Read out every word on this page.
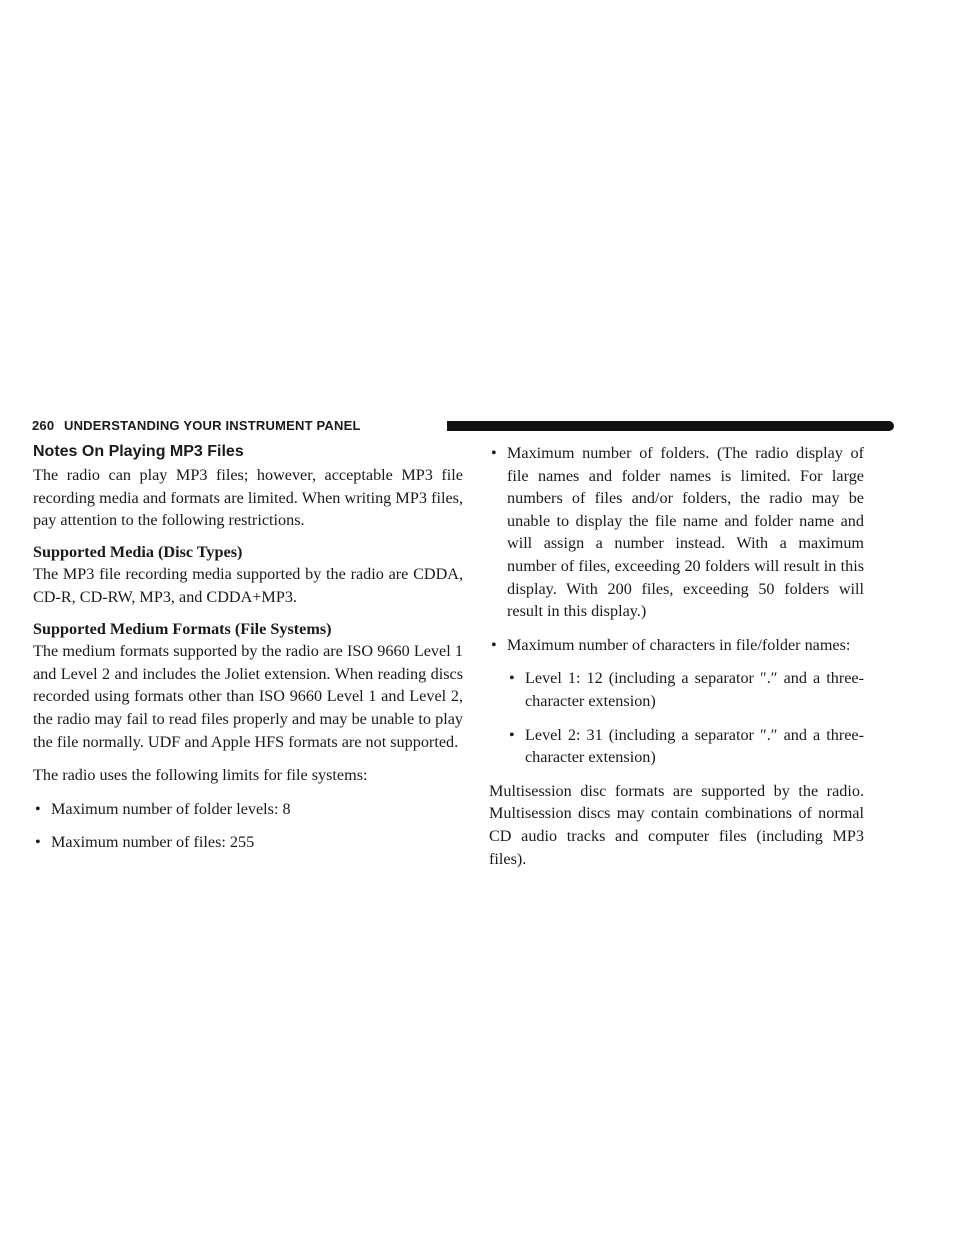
260 UNDERSTANDING YOUR INSTRUMENT PANEL
Notes On Playing MP3 Files

The radio can play MP3 files; however, acceptable MP3 file recording media and formats are limited. When writing MP3 files, pay attention to the following restrictions.

Supported Media (Disc Types)

The MP3 file recording media supported by the radio are CDDA, CD-R, CD-RW, MP3, and CDDA+MP3.

Supported Medium Formats (File Systems)

The medium formats supported by the radio are ISO 9660 Level 1 and Level 2 and includes the Joliet extension. When reading discs recorded using formats other than ISO 9660 Level 1 and Level 2, the radio may fail to read files properly and may be unable to play the file normally. UDF and Apple HFS formats are not supported.

The radio uses the following limits for file systems:

• Maximum number of folder levels: 8
• Maximum number of files: 255
• Maximum number of folders. (The radio display of file names and folder names is limited. For large numbers of files and/or folders, the radio may be unable to display the file name and folder name and will assign a number instead. With a maximum number of files, exceeding 20 folders will result in this display. With 200 files, exceeding 50 folders will result in this display.)
• Maximum number of characters in file/folder names:
• Level 1: 12 (including a separator ″.″ and a three-character extension)
• Level 2: 31 (including a separator ″.″ and a three-character extension)

Multisession disc formats are supported by the radio. Multisession discs may contain combinations of normal CD audio tracks and computer files (including MP3 files).
